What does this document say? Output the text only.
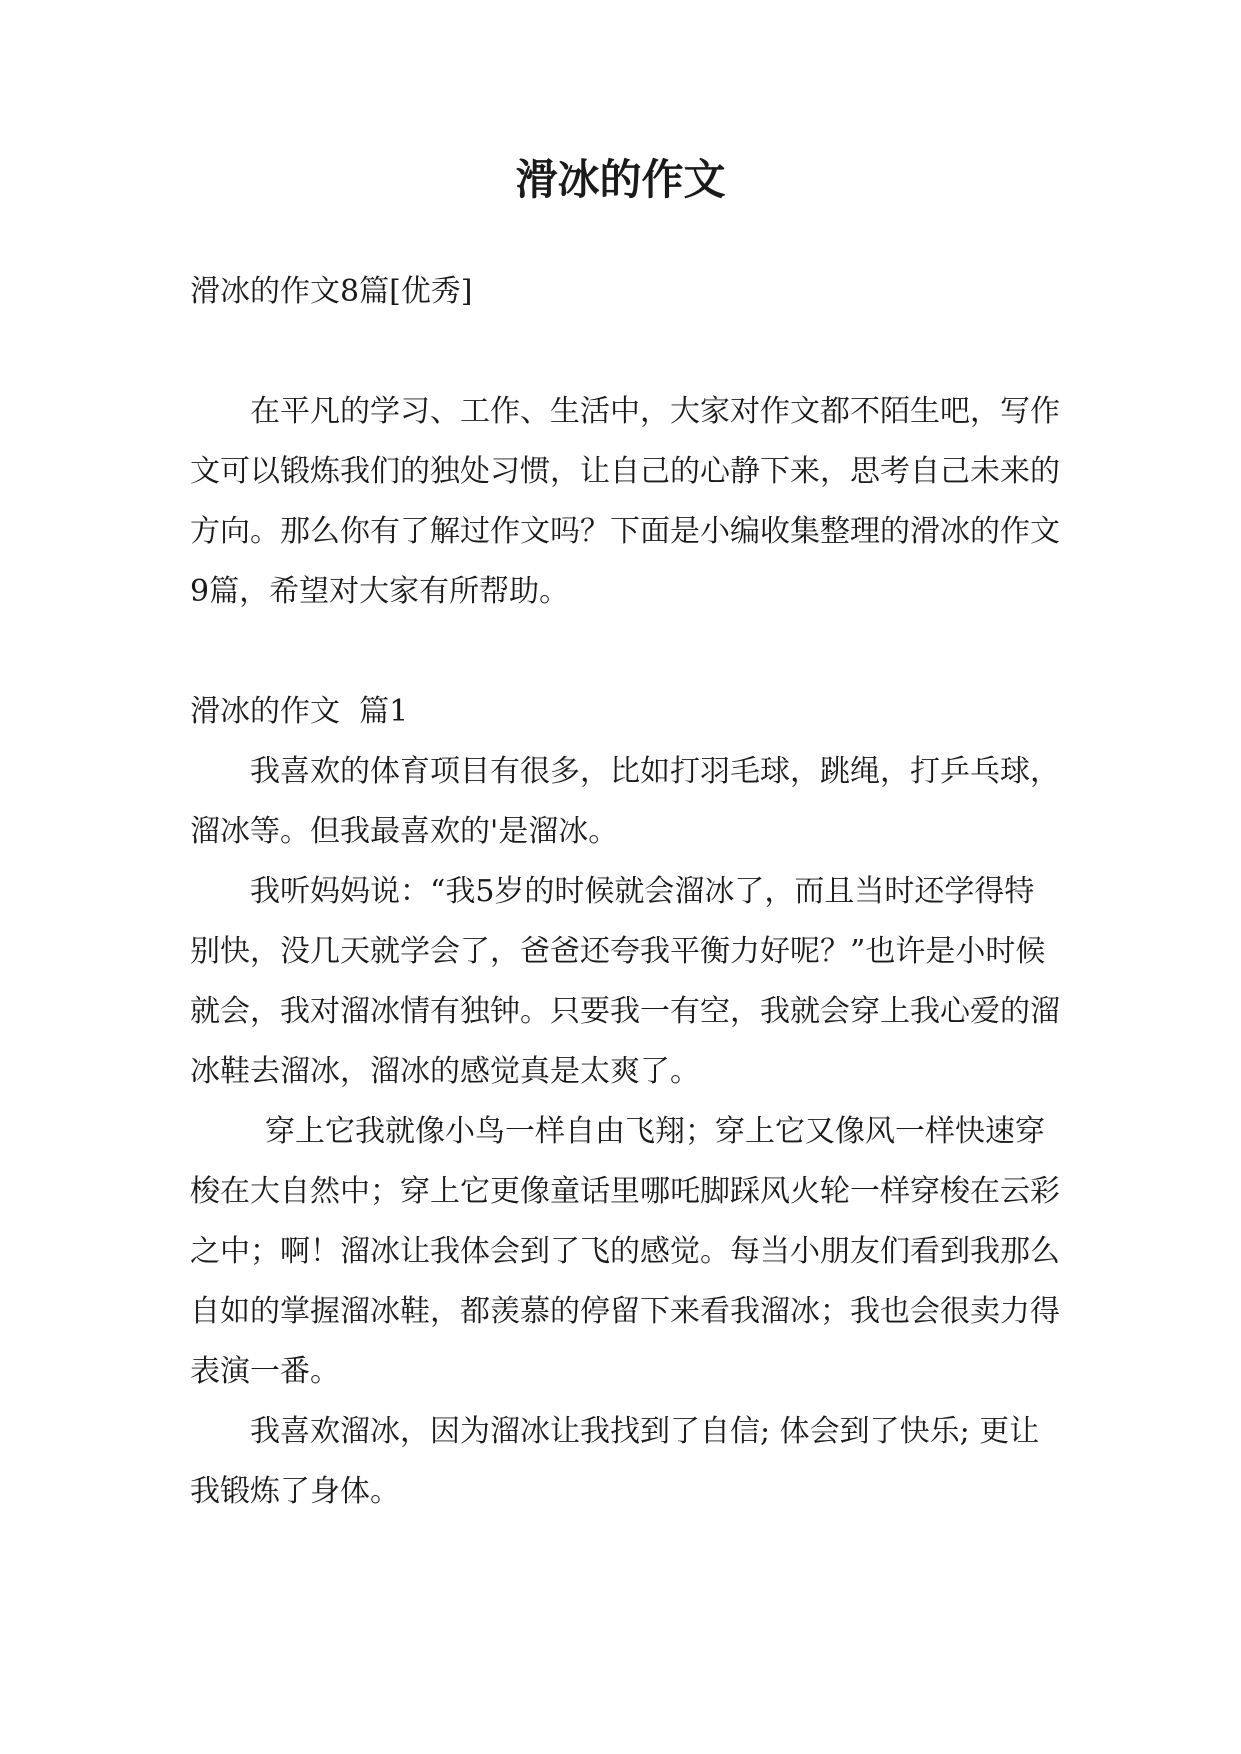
滑冰的作文

滑冰的作文8篇[优秀]

在平凡的学习、工作、生活中，大家对作文都不陌生吧，写作文可以锻炼我们的独处习惯，让自己的心静下来，思考自己未来的方向。那么你有了解过作文吗？下面是小编收集整理的滑冰的作文9篇，希望对大家有所帮助。

滑冰的作文  篇1

我喜欢的体育项目有很多，比如打羽毛球，跳绳，打乒乓球，溜冰等。但我最喜欢的'是溜冰。

我听妈妈说：“我5岁的时候就会溜冰了，而且当时还学得特别快，没几天就学会了，爸爸还夸我平衡力好呢？”也许是小时候就会，我对溜冰情有独钟。只要我一有空，我就会穿上我心爱的溜冰鞋去溜冰，溜冰的感觉真是太爽了。

穿上它我就像小鸟一样自由飞翔；穿上它又像风一样快速穿梭在大自然中；穿上它更像童话里哪吒脚踩风火轮一样穿梭在云彩之中；啊！溜冰让我体会到了飞的感觉。每当小朋友们看到我那么自如的掌握溜冰鞋，都羡慕的停留下来看我溜冰；我也会很卖力得表演一番。

我喜欢溜冰，因为溜冰让我找到了自信; 体会到了快乐; 更让我锻炼了身体。
